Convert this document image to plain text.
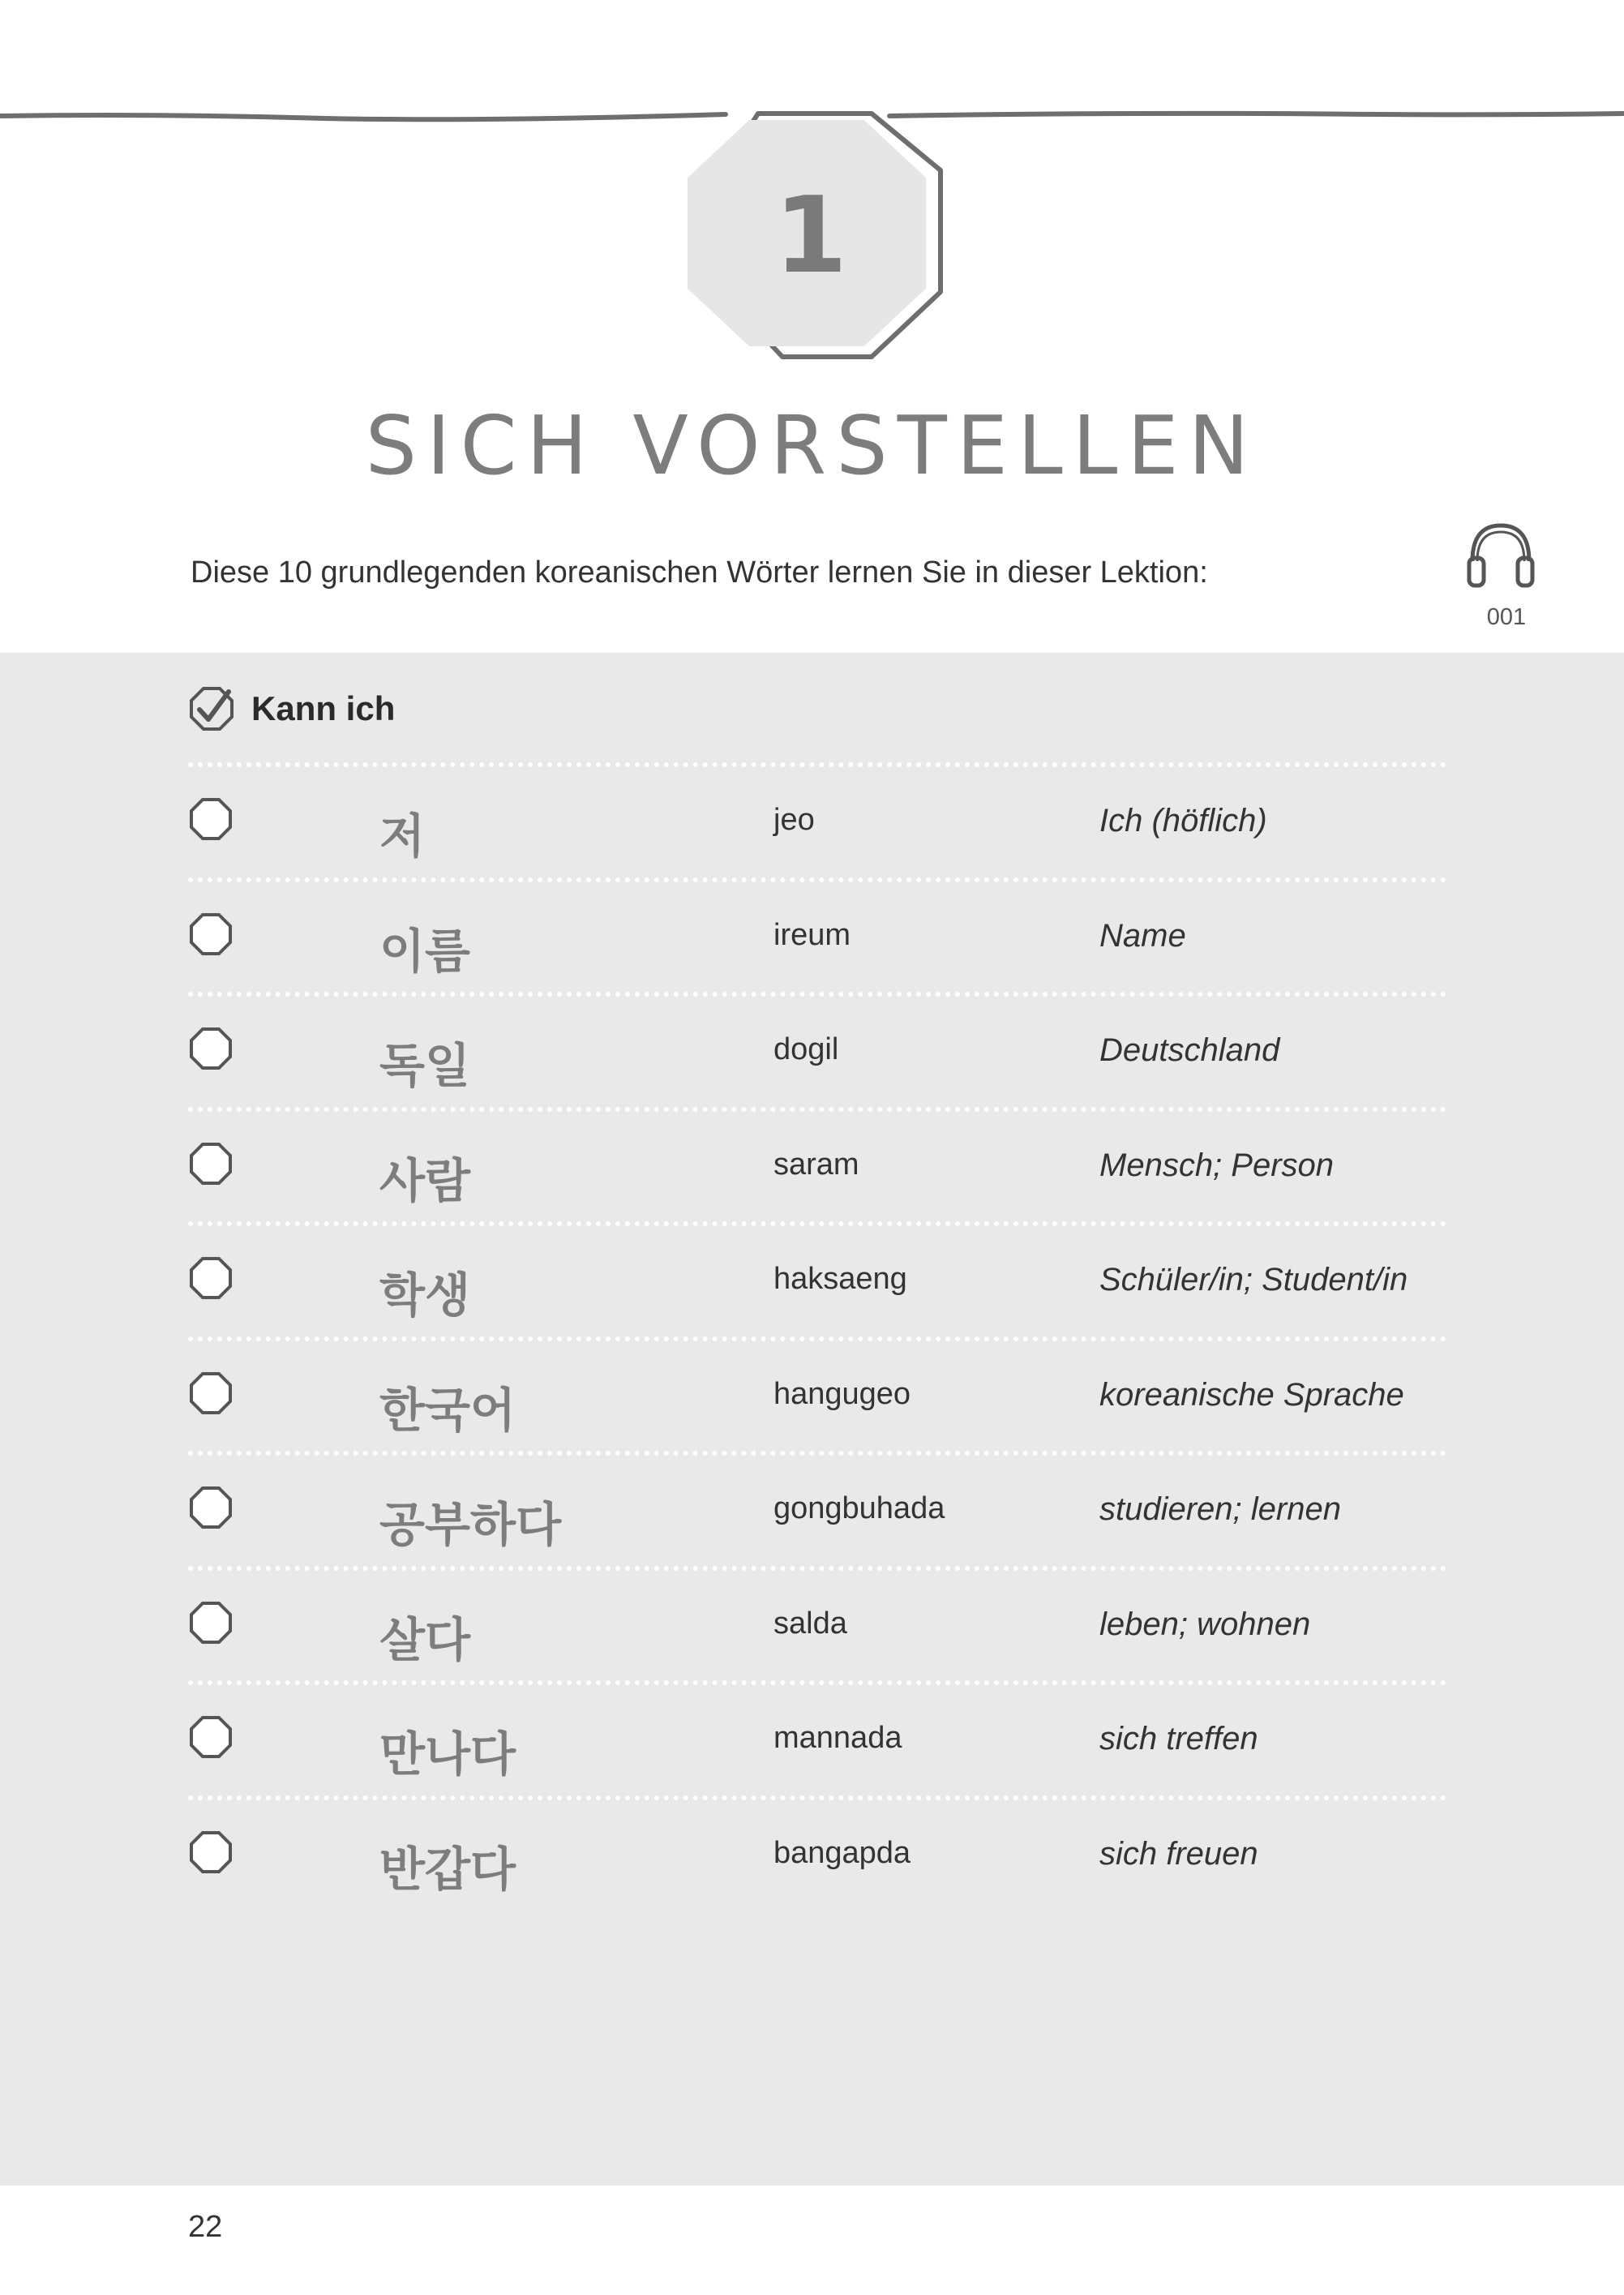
1
SICH VORSTELLEN
Diese 10 grundlegenden koreanischen Wörter lernen Sie in dieser Lektion:
001
Kann ich
저	jeo	Ich (höflich)
이름	ireum	Name
독일	dogil	Deutschland
사람	saram	Mensch; Person
학생	haksaeng	Schüler/in; Student/in
한국어	hangugeo	koreanische Sprache
공부하다	gongbuhada	studieren; lernen
살다	salda	leben; wohnen
만나다	mannada	sich treffen
반갑다	bangapda	sich freuen
22
